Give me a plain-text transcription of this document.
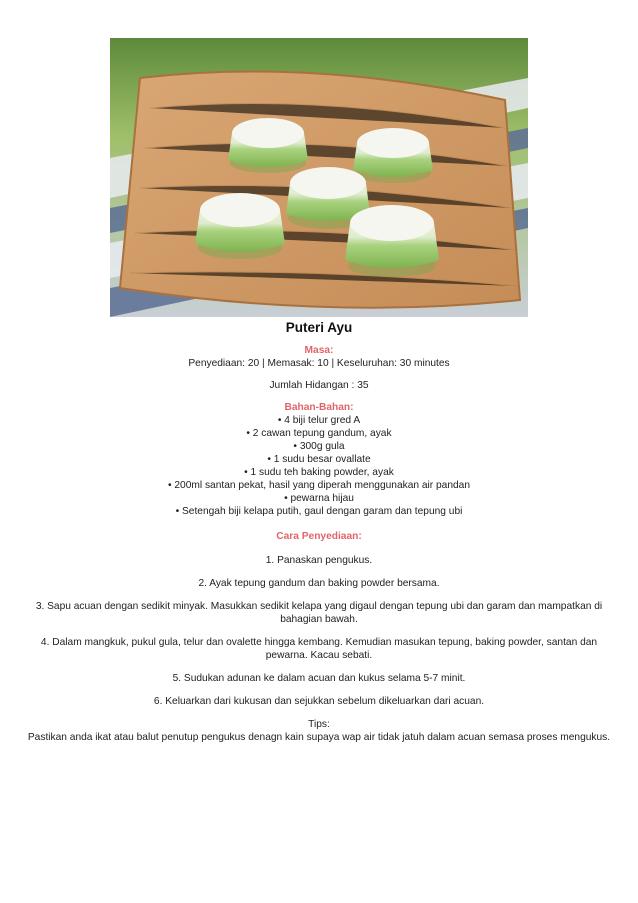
Puteri Ayu
Masa:
Penyediaan: 20 | Memasak: 10 | Keseluruhan: 30 minutes
Jumlah Hidangan : 35
Bahan-Bahan:
• 4 biji telur gred A
• 2 cawan tepung gandum, ayak
• 300g gula
• 1 sudu besar ovallate
• 1 sudu teh baking powder, ayak
• 200ml santan pekat, hasil yang diperah menggunakan air pandan
• pewarna hijau
• Setengah biji kelapa putih, gaul dengan garam dan tepung ubi
Cara Penyediaan:
1. Panaskan pengukus.
2. Ayak tepung gandum dan baking powder bersama.
3. Sapu acuan dengan sedikit minyak. Masukkan sedikit kelapa yang digaul dengan tepung ubi dan garam dan mampatkan di bahagian bawah.
4. Dalam mangkuk, pukul gula, telur dan ovalette hingga kembang. Kemudian masukan tepung, baking powder, santan dan pewarna. Kacau sebati.
5. Sudukan adunan ke dalam acuan dan kukus selama 5-7 minit.
6. Keluarkan dari kukusan dan sejukkan sebelum dikeluarkan dari acuan.
Tips:
Pastikan anda ikat atau balut penutup pengukus denagn kain supaya wap air tidak jatuh dalam acuan semasa proses mengukus.
